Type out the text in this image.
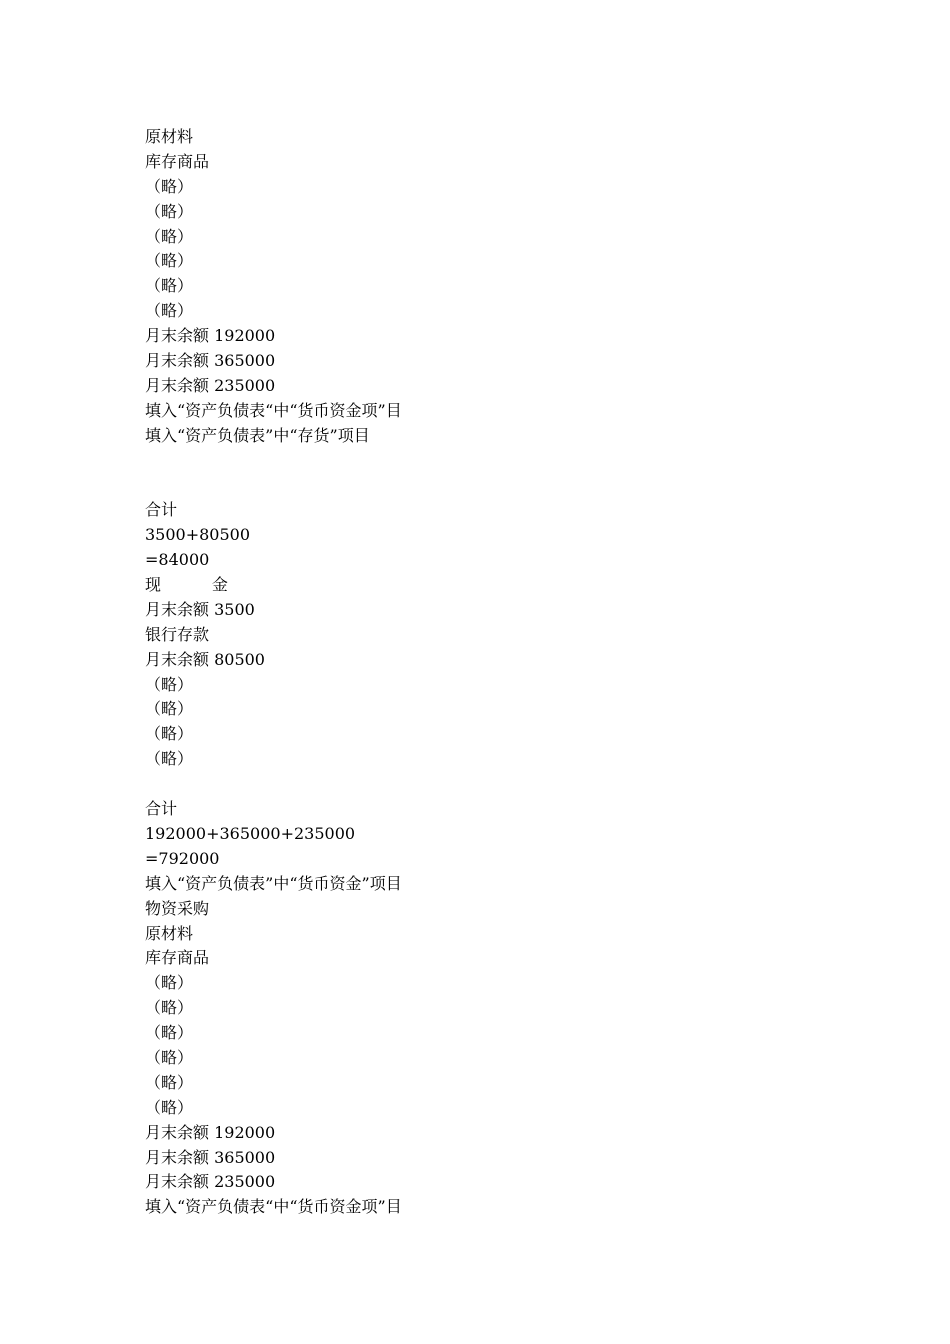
原材料
库存商品
（略）
（略）
（略）
（略）
（略）
（略）
月末余额 192000
月末余额 365000
月末余额 235000
填入“资产负债表“中“货币资金项”目
填入“资产负债表”中“存货”项目
合计
3500+80500
=84000
现          金
月末余额 3500
银行存款
月末余额 80500
（略）
（略）
（略）
（略）
合计
192000+365000+235000
=792000
填入“资产负债表”中“货币资金”项目
物资采购
原材料
库存商品
（略）
（略）
（略）
（略）
（略）
（略）
月末余额 192000
月末余额 365000
月末余额 235000
填入“资产负债表“中“货币资金项”目
